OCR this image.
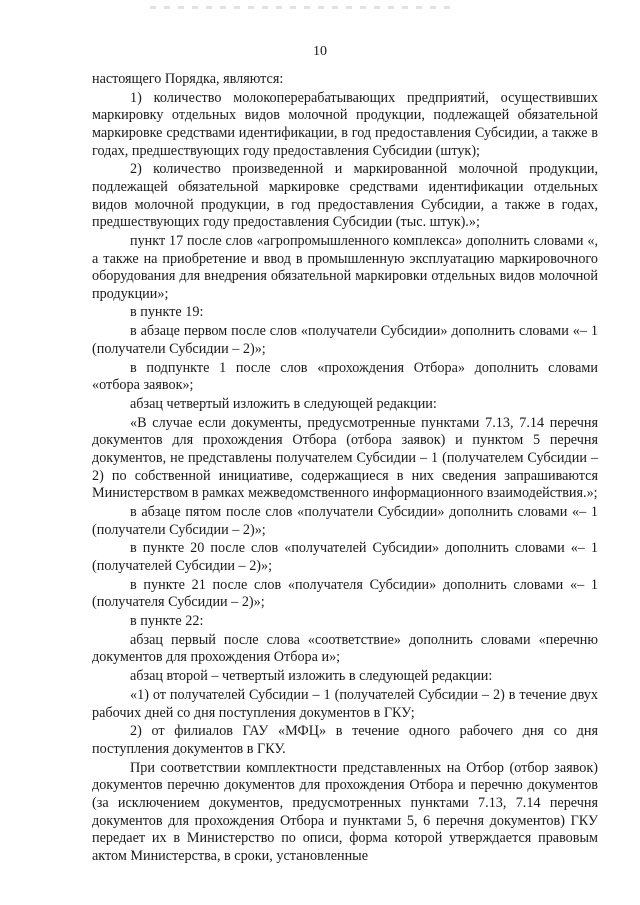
10

настоящего Порядка, являются:

1) количество молокоперерабатывающих предприятий, осуществивших маркировку отдельных видов молочной продукции, подлежащей обязательной маркировке средствами идентификации, в год предоставления Субсидии, а также в годах, предшествующих году предоставления Субсидии (штук);

2) количество произведенной и маркированной молочной продукции, подлежащей обязательной маркировке средствами идентификации отдельных видов молочной продукции, в год предоставления Субсидии, а также в годах, предшествующих году предоставления Субсидии (тыс. штук).»;

пункт 17 после слов «агропромышленного комплекса» дополнить словами «, а также на приобретение и ввод в промышленную эксплуатацию маркировочного оборудования для внедрения обязательной маркировки отдельных видов молочной продукции»;

в пункте 19:

в абзаце первом после слов «получатели Субсидии» дополнить словами «– 1 (получатели Субсидии – 2)»;

в подпункте 1 после слов «прохождения Отбора» дополнить словами «отбора заявок»;

абзац четвертый изложить в следующей редакции:

«В случае если документы, предусмотренные пунктами 7.13, 7.14 перечня документов для прохождения Отбора (отбора заявок) и пунктом 5 перечня документов, не представлены получателем Субсидии – 1 (получателем Субсидии – 2) по собственной инициативе, содержащиеся в них сведения запрашиваются Министерством в рамках межведомственного информационного взаимодействия.»;

в абзаце пятом после слов «получатели Субсидии» дополнить словами «– 1 (получатели Субсидии – 2)»;

в пункте 20 после слов «получателей Субсидии» дополнить словами «– 1 (получателей Субсидии – 2)»;

в пункте 21 после слов «получателя Субсидии» дополнить словами «– 1 (получателя Субсидии – 2)»;

в пункте 22:

абзац первый после слова «соответствие» дополнить словами «перечню документов для прохождения Отбора и»;

абзац второй – четвертый изложить в следующей редакции:

«1) от получателей Субсидии – 1 (получателей Субсидии – 2) в течение двух рабочих дней со дня поступления документов в ГКУ;

2) от филиалов ГАУ «МФЦ» в течение одного рабочего дня со дня поступления документов в ГКУ.

При соответствии комплектности представленных на Отбор (отбор заявок) документов перечню документов для прохождения Отбора и перечню документов (за исключением документов, предусмотренных пунктами 7.13, 7.14 перечня документов для прохождения Отбора и пунктами 5, 6 перечня документов) ГКУ передает их в Министерство по описи, форма которой утверждается правовым актом Министерства, в сроки, установленные
